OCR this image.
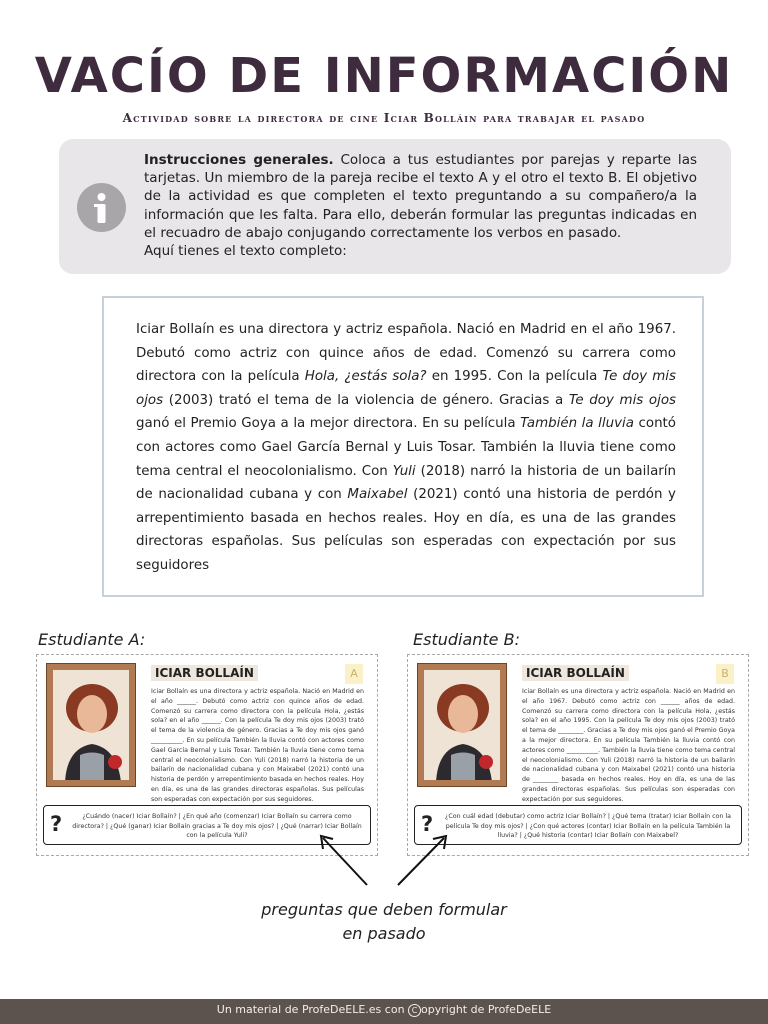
VACÍO DE INFORMACIÓN
Actividad sobre la directora de cine Iciar Bolláin para trabajar el pasado
Instrucciones generales. Coloca a tus estudiantes por parejas y reparte las tarjetas. Un miembro de la pareja recibe el texto A y el otro el texto B. El objetivo de la actividad es que completen el texto preguntando a su compañero/a la información que les falta. Para ello, deberán formular las preguntas indicadas en el recuadro de abajo conjugando correctamente los verbos en pasado.
Aquí tienes el texto completo:
Iciar Bollaín es una directora y actriz española. Nació en Madrid en el año 1967. Debutó como actriz con quince años de edad. Comenzó su carrera como directora con la película Hola, ¿estás sola? en 1995. Con la película Te doy mis ojos (2003) trató el tema de la violencia de género. Gracias a Te doy mis ojos ganó el Premio Goya a la mejor directora. En su película También la lluvia contó con actores como Gael García Bernal y Luis Tosar. También la lluvia tiene como tema central el neocolonialismo. Con Yuli (2018) narró la historia de un bailarín de nacionalidad cubana y con Maixabel (2021) contó una historia de perdón y arrepentimiento basada en hechos reales. Hoy en día, es una de las grandes directoras españolas. Sus películas son esperadas con expectación por sus seguidores
Estudiante A:	Estudiante B:
ICIAR BOLLAÍN	A
Iciar Bollaín es una directora y actriz española. Nació en Madrid en el año ______. Debutó como actriz con quince años de edad. Comenzó su carrera como directora con la película Hola, ¿estás sola? en el año ______. Con la película Te doy mis ojos (2003) trató el tema de la violencia de género. Gracias a Te doy mis ojos ganó __________. En su película También la lluvia contó con actores como Gael García Bernal y Luis Tosar. También la lluvia tiene como tema central el neocolonialismo. Con Yuli (2018) narró la historia de un bailarín de nacionalidad cubana y con Maixabel (2021) contó una historia de perdón y arrepentimiento basada en hechos reales. Hoy en día, es una de las grandes directoras españolas. Sus películas son esperadas con expectación por sus seguidores.
?	¿Cuándo (nacer) Iciar Bollaín? | ¿En qué año (comenzar) Iciar Bollaín su carrera como directora? | ¿Qué (ganar) Iciar Bollaín gracias a Te doy mis ojos? | ¿Qué (narrar) Iciar Bollaín con la película Yuli?
ICIAR BOLLAÍN	B
Iciar Bollaín es una directora y actriz española. Nació en Madrid en el año 1967. Debutó como actriz con ______ años de edad. Comenzó su carrera como directora con la película Hola, ¿estás sola? en el año 1995. Con la película Te doy mis ojos (2003) trató el tema de ________. Gracias a Te doy mis ojos ganó el Premio Goya a la mejor directora. En su película También la lluvia contó con actores como __________. También la lluvia tiene como tema central el neocolonialismo. Con Yuli (2018) narró la historia de un bailarín de nacionalidad cubana y con Maixabel (2021) contó una historia de ________ basada en hechos reales. Hoy en día, es una de las grandes directoras españolas. Sus películas son esperadas con expectación por sus seguidores.
?	¿Con cuál edad (debutar) como actriz Iciar Bollaín? | ¿Qué tema (tratar) Iciar Bollaín con la película Te doy mis ojos? | ¿Con qué actores (contar) Iciar Bollaín en la película También la lluvia? | ¿Qué historia (contar) Iciar Bollaín con Maixabel?
preguntas que deben formular
en pasado
Un material de ProfeDeELE.es con C opyright de ProfeDeELE
